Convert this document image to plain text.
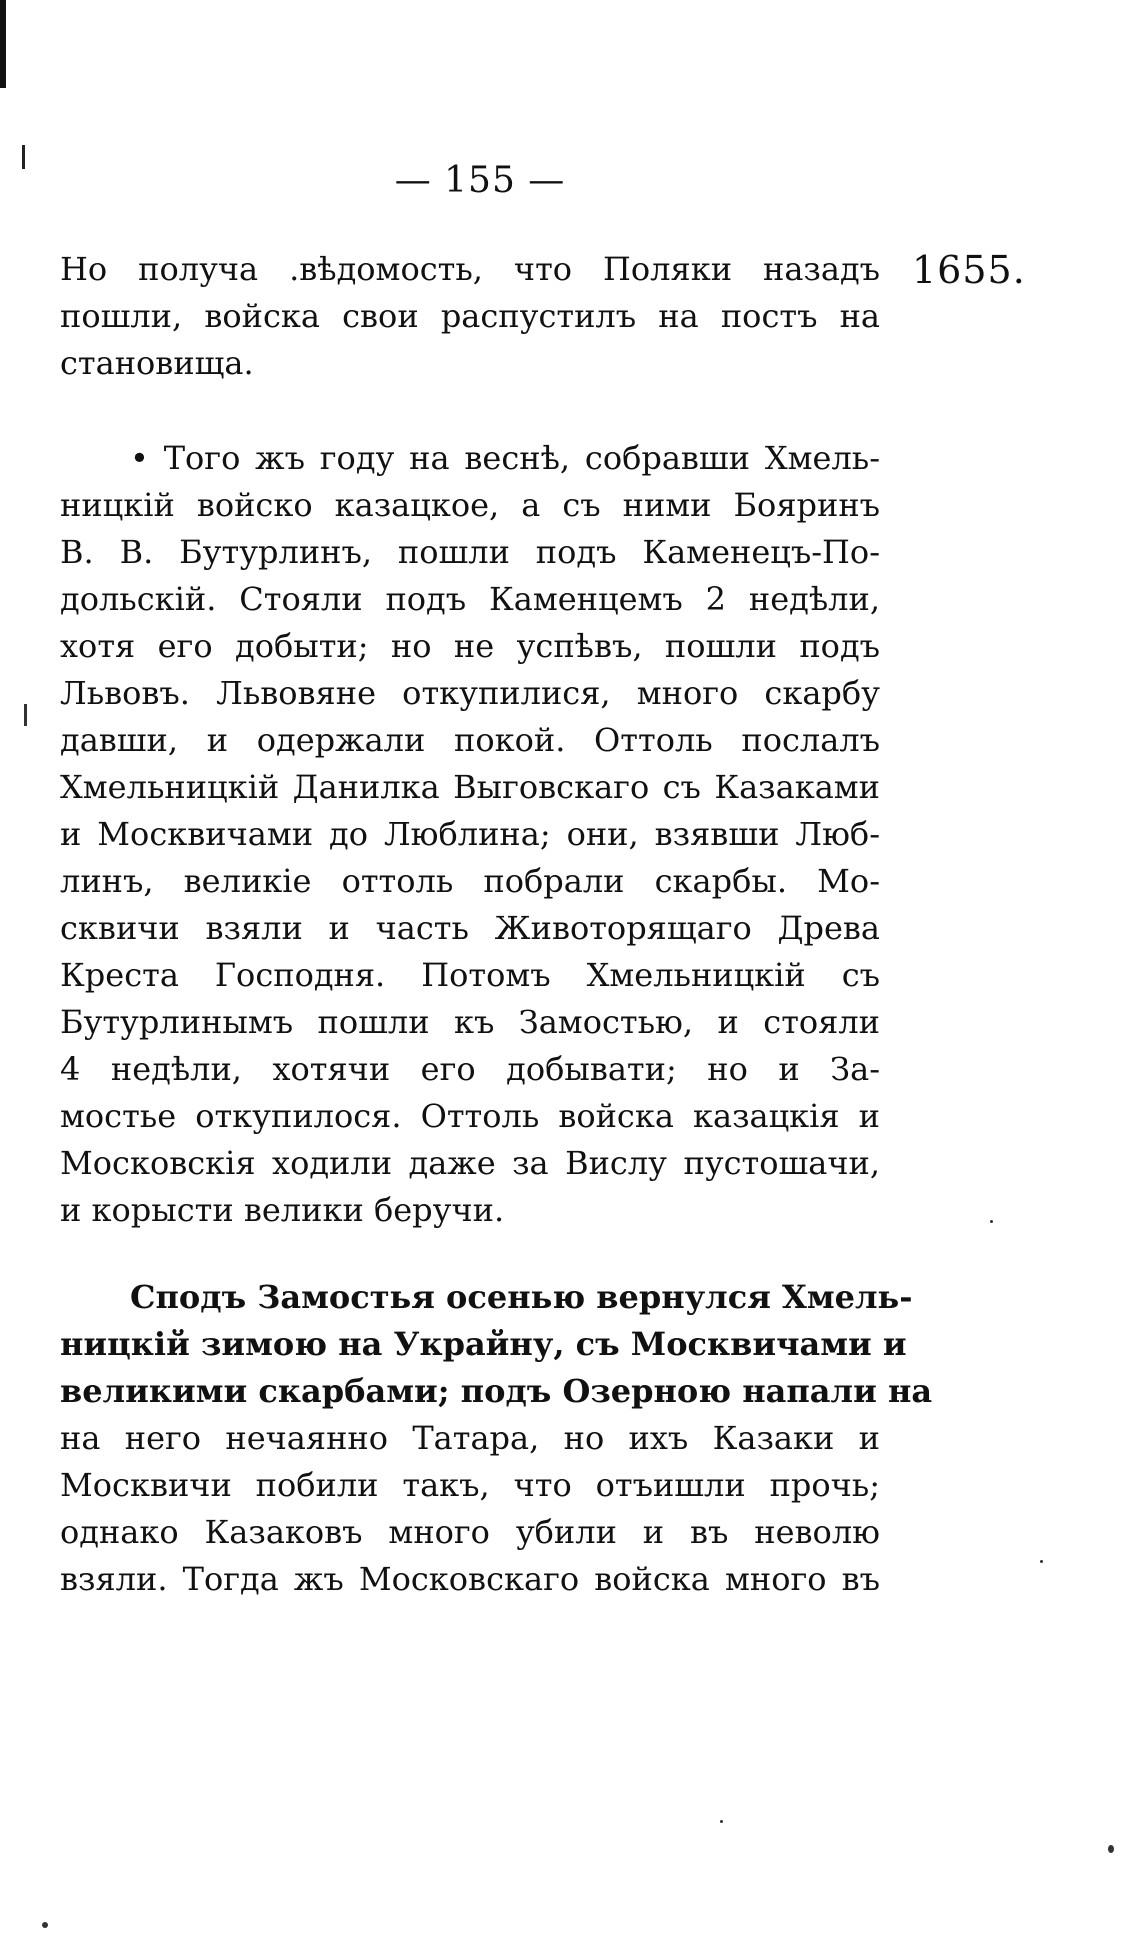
— 155 —
1655.
Но получа .вѣдомость, что Поляки назадъ
пошли, войска свои распустилъ на постъ на
становища.
• Того жъ году на веснѣ, собравши Хмель-
ницкій войско казацкое, а съ ними Бояринъ
В. В. Бутурлинъ, пошли подъ Каменецъ-По-
дольскій. Стояли подъ Каменцемъ 2 недѣли,
хотя его добыти; но не успѣвъ, пошли подъ
Львовъ. Львовяне откупилися, много скарбу
давши, и одержали покой. Оттоль послалъ
Хмельницкій Данилка Выговскаго съ Казаками
и Москвичами до Люблина; они, взявши Люб-
линъ, великіе оттоль побрали скарбы. Мо-
сквичи взяли и часть Животорящаго Древа
Креста Господня. Потомъ Хмельницкій съ
Бутурлинымъ пошли къ Замостью, и стояли
4 недѣли, хотячи его добывати; но и За-
мостье откупилося. Оттоль войска казацкія и
Московскія ходили даже за Вислу пустошачи,
и корысти велики беручи.
Сподъ Замостья осенью вернулся Хмель-
ницкій зимою на Украйну, съ Москвичами и
великими скарбами; подъ Озерною напали на
на него нечаянно Татара, но ихъ Казаки и
Москвичи побили такъ, что отъишли прочь;
однако Казаковъ много убили и въ неволю
взяли. Тогда жъ Московскаго войска много въ
